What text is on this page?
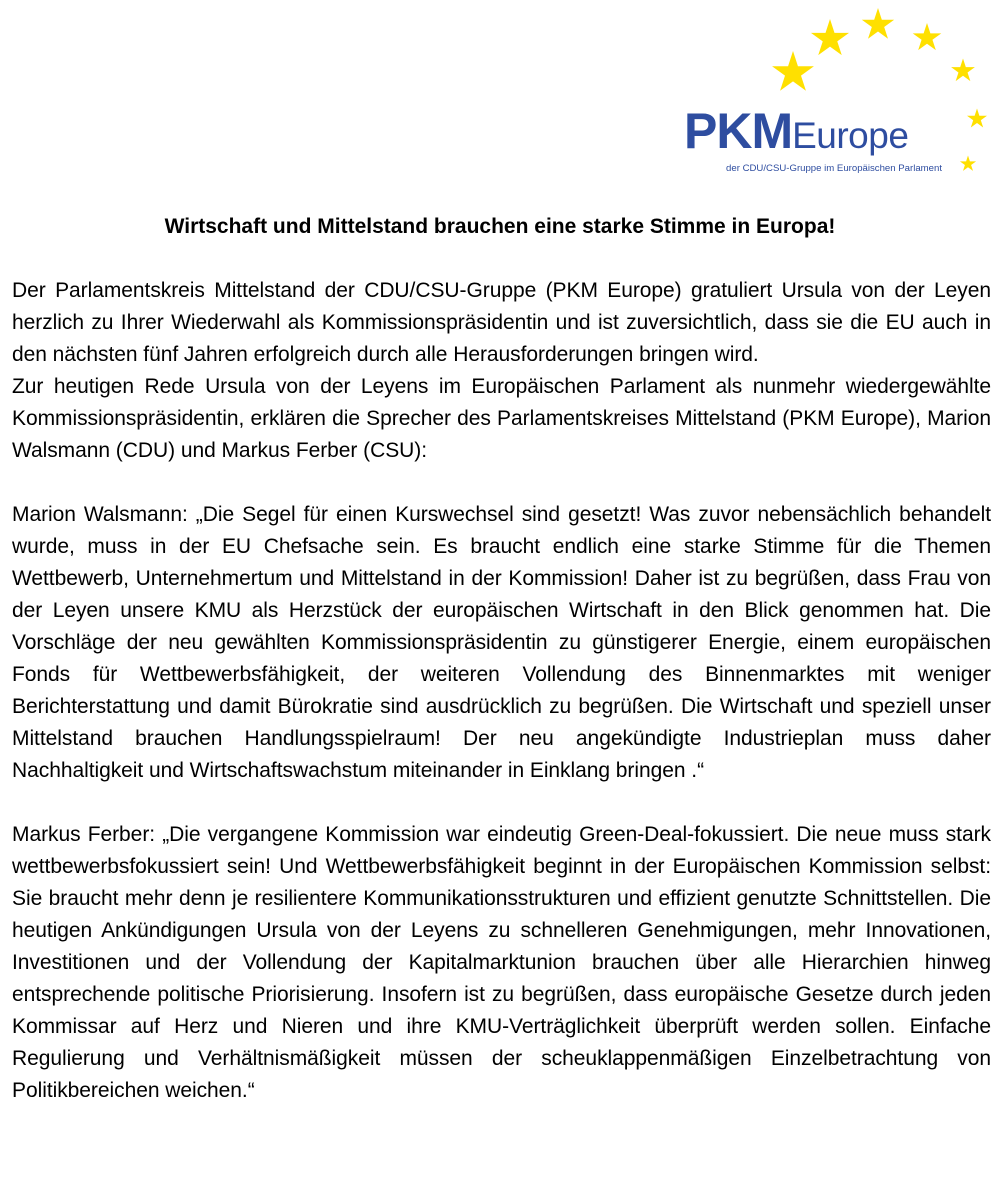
PKMEurope
der CDU/CSU-Gruppe im Europäischen Parlament
Wirtschaft und Mittelstand brauchen eine starke Stimme in Europa!

Der Parlamentskreis Mittelstand der CDU/CSU-Gruppe (PKM Europe) gratuliert Ursula von der Leyen herzlich zu Ihrer Wiederwahl als Kommissionspräsidentin und ist zuversichtlich, dass sie die EU auch in den nächsten fünf Jahren erfolgreich durch alle Herausforderungen bringen wird.

Zur heutigen Rede Ursula von der Leyens im Europäischen Parlament als nunmehr wiedergewählte Kommissionspräsidentin, erklären die Sprecher des Parlamentskreises Mittelstand (PKM Europe), Marion Walsmann (CDU) und Markus Ferber (CSU):

Marion Walsmann: „Die Segel für einen Kurswechsel sind gesetzt! Was zuvor nebensächlich behandelt wurde, muss in der EU Chefsache sein. Es braucht endlich eine starke Stimme für die Themen Wettbewerb, Unternehmertum und Mittelstand in der Kommission! Daher ist zu begrüßen, dass Frau von der Leyen unsere KMU als Herzstück der europäischen Wirtschaft in den Blick genommen hat. Die Vorschläge der neu gewählten Kommissionspräsidentin zu günstigerer Energie, einem europäischen Fonds für Wettbewerbsfähigkeit, der weiteren Vollendung des Binnenmarktes mit weniger Berichterstattung und damit Bürokratie sind ausdrücklich zu begrüßen. Die Wirtschaft und speziell unser Mittelstand brauchen Handlungsspielraum! Der neu angekündigte Industrieplan muss daher Nachhaltigkeit und Wirtschaftswachstum miteinander in Einklang bringen .“

Markus Ferber: „Die vergangene Kommission war eindeutig Green-Deal-fokussiert. Die neue muss stark wettbewerbsfokussiert sein! Und Wettbewerbsfähigkeit beginnt in der Europäischen Kommission selbst: Sie braucht mehr denn je resilientere Kommunikationsstrukturen und effizient genutzte Schnittstellen. Die heutigen Ankündigungen Ursula von der Leyens zu schnelleren Genehmigungen, mehr Innovationen, Investitionen und der Vollendung der Kapitalmarktunion brauchen über alle Hierarchien hinweg entsprechende politische Priorisierung. Insofern ist zu begrüßen, dass europäische Gesetze durch jeden Kommissar auf Herz und Nieren und ihre KMU-Verträglichkeit überprüft werden sollen. Einfache Regulierung und Verhältnismäßigkeit müssen der scheuklappenmäßigen Einzelbetrachtung von Politikbereichen weichen.“
